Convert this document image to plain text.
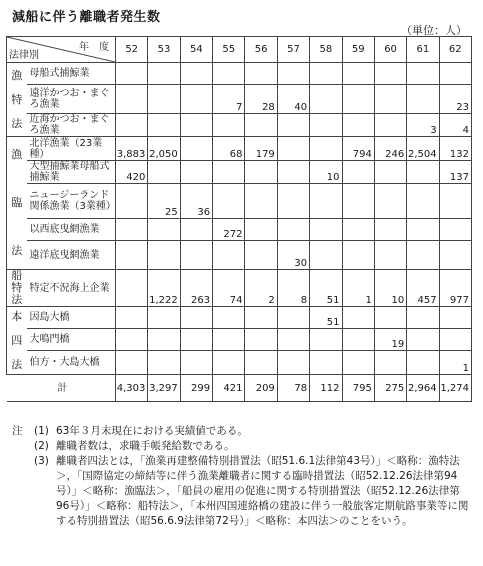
減船に伴う離職者発生数
（単位：人）
年　度
法律別		52	53	54	55	56	57	58	59	60	61	62
漁

特

法	母船式捕鯨業											
	遠洋かつお・まぐろ漁業				7	28	40					23
	近海かつお・まぐろ漁業										3	4
漁

臨

法	北洋漁業（23業種）	3,883	2,050		68	179			794	246	2,504	132
	大型捕鯨業母船式捕鯨業	420						10				137
	ニュージーランド関係漁業（3業種）		25	36								
	以西底曳網漁業				272							
	遠洋底曳網漁業						30					
船特法	特定不況海上企業		1,222	263	74	2	8	51	1	10	457	977
本

四

法	因島大橋							51				
	大鳴門橋									19		
	伯方・大島大橋											1
計		4,303	3,297	299	421	209	78	112	795	275	2,964	1,274
注	(1) 63年３月末現在における実績値である。
(2) 離職者数は，求職手帳発給数である。
(3) 離職者四法とは，「漁業再建整備特別措置法（昭51.6.1法律第43号）」＜略称：漁特法＞，「国際協定の締結等に伴う漁業離職者に関する臨時措置法（昭52.12.26法律第94号）」＜略称：漁臨法＞，「船員の雇用の促進に関する特別措置法（昭52.12.26法律第96号）」＜略称：船特法＞，「本州四国連絡橋の建設に伴う一般旅客定期航路事業等に関する特別措置法（昭56.6.9法律第72号）」＜略称：本四法＞のことをいう。
